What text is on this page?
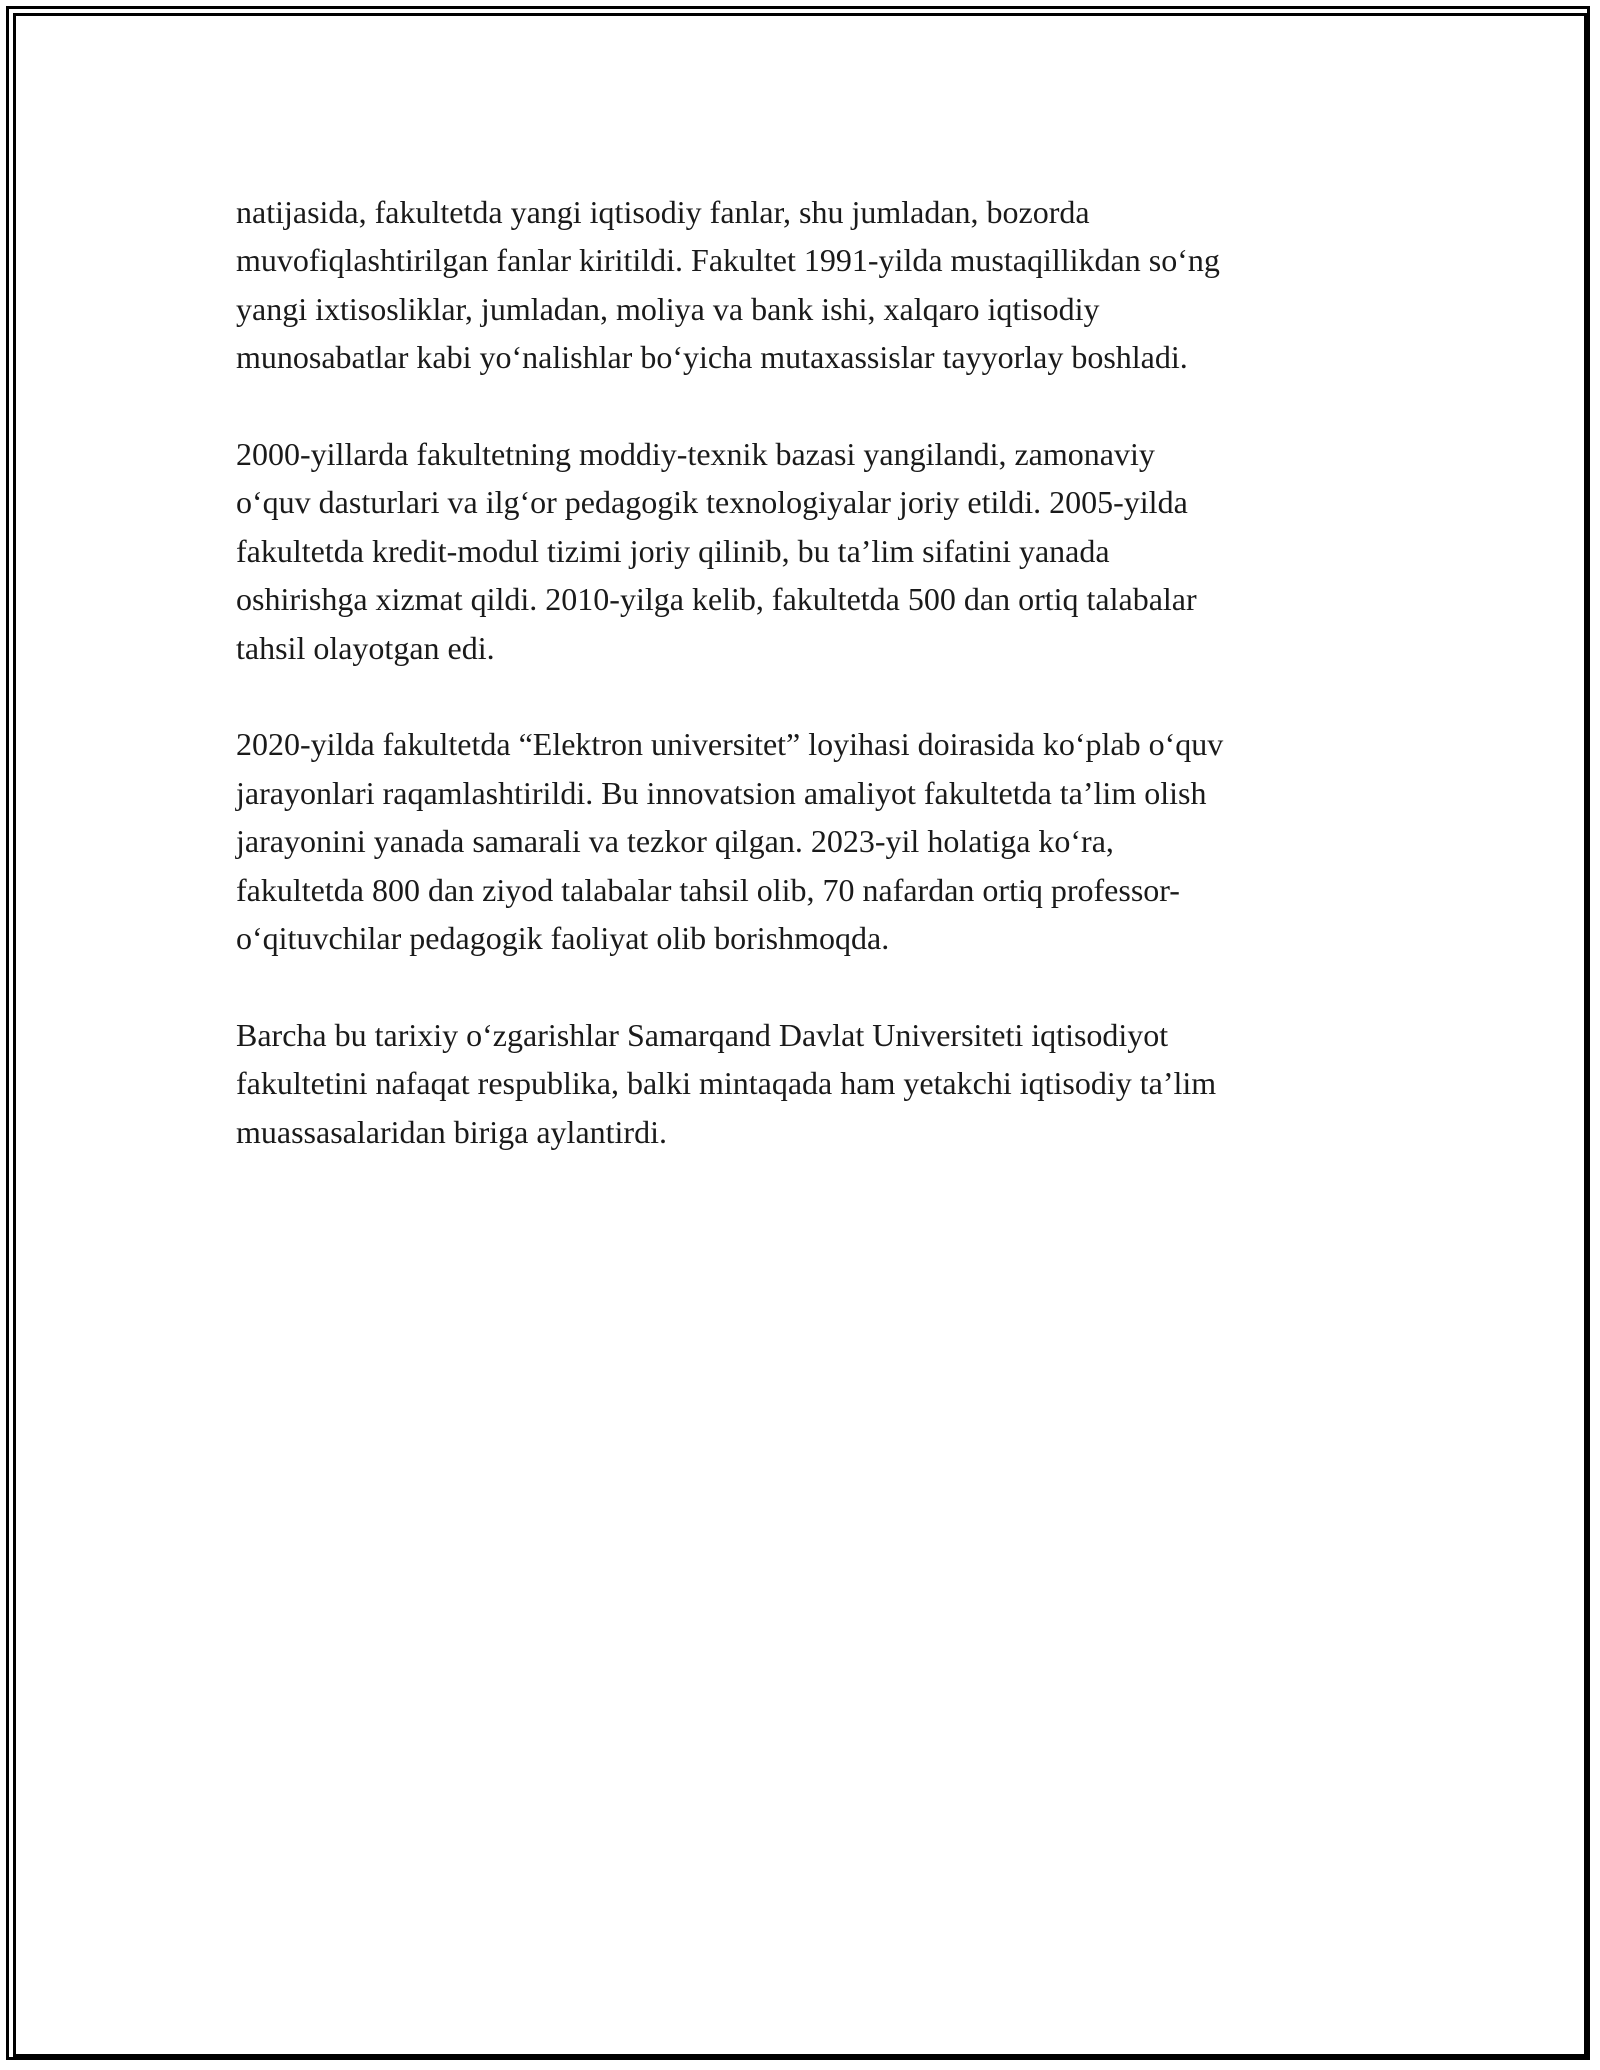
natijasida, fakultetda yangi iqtisodiy fanlar, shu jumladan, bozorda
muvofiqlashtirilgan fanlar kiritildi. Fakultet 1991-yilda mustaqillikdan so‘ng
yangi ixtisosliklar, jumladan, moliya va bank ishi, xalqaro iqtisodiy
munosabatlar kabi yo‘nalishlar bo‘yicha mutaxassislar tayyorlay boshladi.

2000-yillarda fakultetning moddiy-texnik bazasi yangilandi, zamonaviy
o‘quv dasturlari va ilg‘or pedagogik texnologiyalar joriy etildi. 2005-yilda
fakultetda kredit-modul tizimi joriy qilinib, bu ta’lim sifatini yanada
oshirishga xizmat qildi. 2010-yilga kelib, fakultetda 500 dan ortiq talabalar
tahsil olayotgan edi.

2020-yilda fakultetda “Elektron universitet” loyihasi doirasida ko‘plab o‘quv
jarayonlari raqamlashtirildi. Bu innovatsion amaliyot fakultetda ta’lim olish
jarayonini yanada samarali va tezkor qilgan. 2023-yil holatiga ko‘ra,
fakultetda 800 dan ziyod talabalar tahsil olib, 70 nafardan ortiq professor-
o‘qituvchilar pedagogik faoliyat olib borishmoqda.

Barcha bu tarixiy o‘zgarishlar Samarqand Davlat Universiteti iqtisodiyot
fakultetini nafaqat respublika, balki mintaqada ham yetakchi iqtisodiy ta’lim
muassasalaridan biriga aylantirdi.
